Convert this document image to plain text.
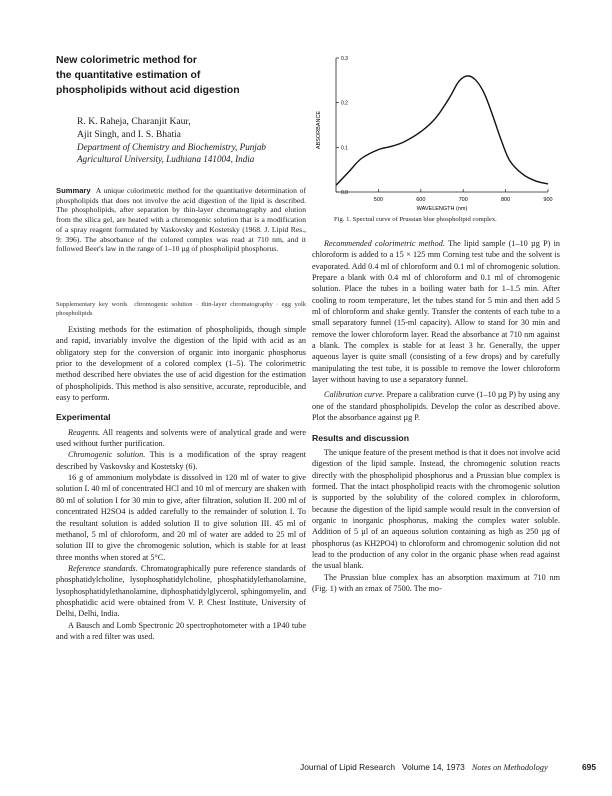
New colorimetric method for
the quantitative estimation of
phospholipids without acid digestion
R. K. Raheja, Charanjit Kaur,
Ajit Singh, and I. S. Bhatia
Department of Chemistry and Biochemistry, Punjab
Agricultural University, Ludhiana 141004, India
Summary A unique colorimetric method for the quantitative determination of phospholipids that does not involve the acid digestion of the lipid is described. The phospholipids, after separation by thin-layer chromatography and elution from the silica gel, are heated with a chromogenic solution that is a modification of a spray reagent formulated by Vaskovsky and Kostetsky (1968. J. Lipid Res., 9: 396). The absorbance of the colored complex was read at 710 nm, and it followed Beer's law in the range of 1–10 µg of phospholipid phosphorus.
Supplementary key words chromogenic solution · thin-layer chromatography · egg yolk phospholipids

Existing methods for the estimation of phospholipids, though simple and rapid, invariably involve the digestion of the lipid with acid as an obligatory step for the conversion of organic into inorganic phosphorus prior to the development of a colored complex (1–5). The colorimetric method described here obviates the use of acid digestion for the estimation of phospholipids. This method is also sensitive, accurate, reproducible, and easy to perform.

Experimental

Reagents. All reagents and solvents were of analytical grade and were used without further purification.

Chromogenic solution. This is a modification of the spray reagent described by Vaskovsky and Kostetsky (6).

16 g of ammonium molybdate is dissolved in 120 ml of water to give solution I. 40 ml of concentrated HCl and 10 ml of mercury are shaken with 80 ml of solution I for 30 min to give, after filtration, solution II. 200 ml of concentrated H2SO4 is added carefully to the remainder of solution I. To the resultant solution is added solution II to give solution III. 45 ml of methanol, 5 ml of chloroform, and 20 ml of water are added to 25 ml of solution III to give the chromogenic solution, which is stable for at least three months when stored at 5°C.

Reference standards. Chromatographically pure reference standards of phosphatidylcholine, lysophosphatidylcholine, phosphatidylethanolamine, lysophosphatidylethanolamine, diphosphatidylglycerol, sphingomyelin, and phosphatidic acid were obtained from V. P. Chest Institute, University of Delhi, Delhi, India.

A Bausch and Lomb Spectronic 20 spectrophotometer with a 1P40 tube and with a red filter was used.

500	600	700	800	900
0.0
0.1
0.2
0.3
ABSORBANCE
WAVELENGTH (nm)
Fig. 1. Spectral curve of Prussian blue phospholipid complex.

Recommended colorimetric method. The lipid sample (1–10 µg P) in chloroform is added to a 15 × 125 mm Corning test tube and the solvent is evaporated. Add 0.4 ml of chloroform and 0.1 ml of chromogenic solution. Prepare a blank with 0.4 ml of chloroform and 0.1 ml of chromogenic solution. Place the tubes in a boiling water bath for 1–1.5 min. After cooling to room temperature, let the tubes stand for 5 min and then add 5 ml of chloroform and shake gently. Transfer the contents of each tube to a small separatory funnel (15-ml capacity). Allow to stand for 30 min and remove the lower chloroform layer. Read the absorbance at 710 nm against a blank. The complex is stable for at least 3 hr. Generally, the upper aqueous layer is quite small (consisting of a few drops) and by carefully manipulating the test tube, it is possible to remove the lower chloroform layer without having to use a separatory funnel.

Calibration curve. Prepare a calibration curve (1–10 µg P) by using any one of the standard phospholipids. Develop the color as described above. Plot the absorbance against µg P.

Results and discussion

The unique feature of the present method is that it does not involve acid digestion of the lipid sample. Instead, the chromogenic solution reacts directly with the phospholipid phosphorus and a Prussian blue complex is formed. That the intact phospholipid reacts with the chromogenic solution is supported by the solubility of the colored complex in chloroform, because the digestion of the lipid sample would result in the conversion of organic to inorganic phosphorus, making the complex water soluble. Addition of 5 µl of an aqueous solution containing as high as 250 µg of phosphorus (as KH2PO4) to chloroform and chromogenic solution did not lead to the production of any color in the organic phase when read against the usual blank.

The Prussian blue complex has an absorption maximum at 710 nm (Fig. 1) with an εmax of 7500. The mo-

Journal of Lipid Research Volume 14, 1973 Notes on Methodology	695
